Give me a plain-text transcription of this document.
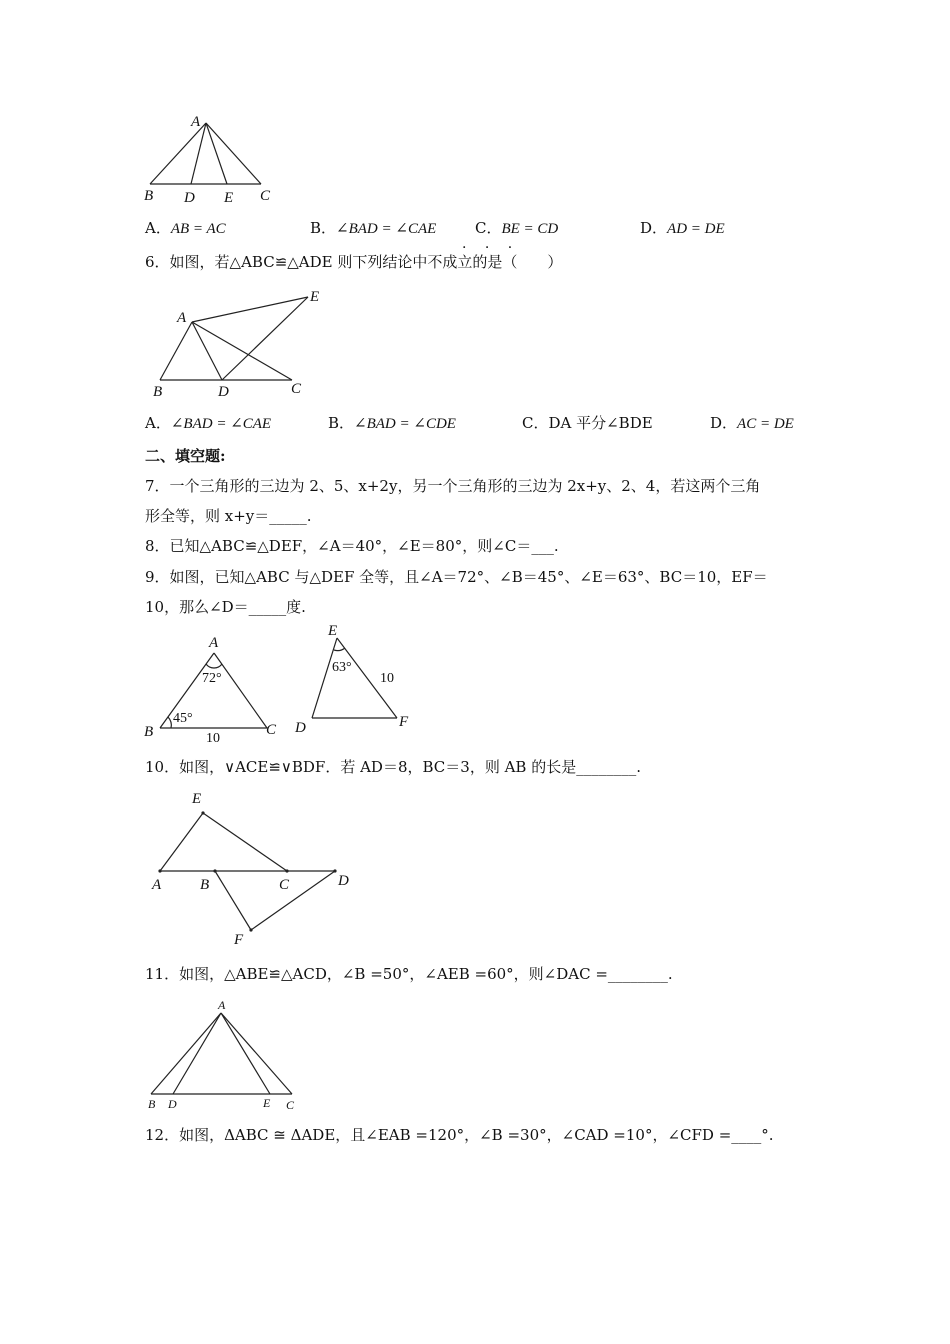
A
B D E C
A．AB = AC	B．∠BAD = ∠CAE	C．BE = CD	D．AD = DE
· · ·
6．如图，若△ABC≌△ADE 则下列结论中不成立的是（　　）
A
E
B	D	C
A．∠BAD = ∠CAE	B．∠BAD = ∠CDE	C．DA 平分∠BDE	D．AC = DE
二、填空题:
7．一个三角形的三边为 2、5、x+2y，另一个三角形的三边为 2x+y、2、4，若这两个三角
形全等，则 x+y＝_____.
8．已知△ABC≌△DEF，∠A＝40°，∠E＝80°，则∠C＝___.
9．如图，已知△ABC 与△DEF 全等，且∠A＝72°、∠B＝45°、∠E＝63°、BC＝10，EF＝
10，那么∠D＝_____度.
A
B	C
72°
45°
10
E
D	F
63°
10
10．如图，∨ACE≌∨BDF．若 AD＝8，BC＝3，则 AB 的长是________.
E
A	B	C	D
F
11．如图，△ABE≌△ACD，∠B =50°，∠AEB =60°，则∠DAC =________.
A
B D	E C
12．如图，ΔABC ≅ ΔADE，且∠EAB =120°，∠B =30°，∠CAD =10°，∠CFD =____°.
